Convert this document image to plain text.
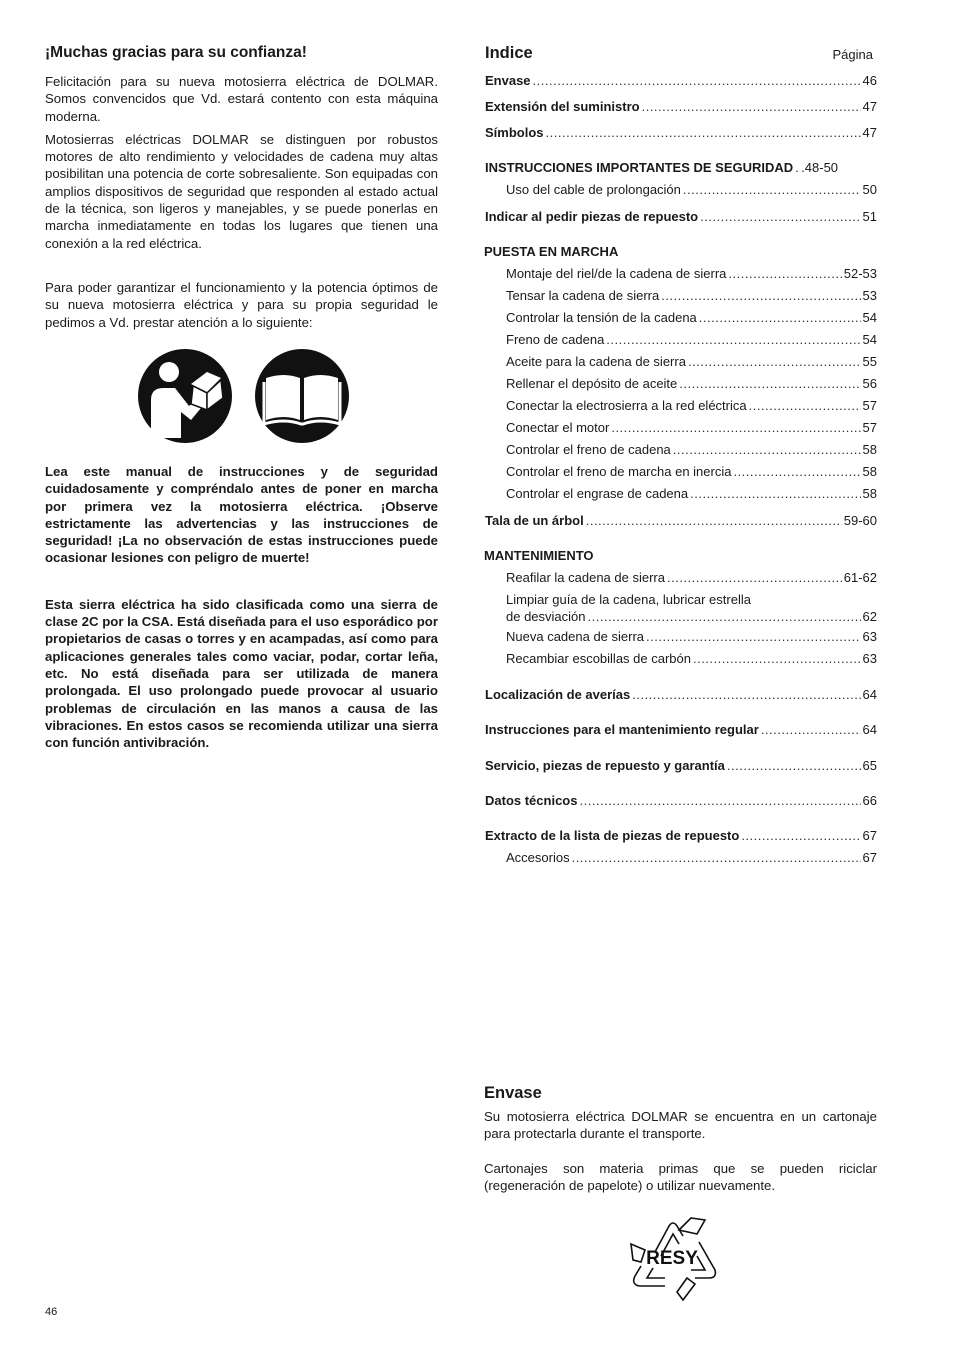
¡Muchas gracias para su confianza!

Felicitación para su nueva motosierra eléctrica de DOLMAR. Somos convencidos que Vd. estará contento con esta máquina moderna.

Motosierras eléctricas DOLMAR se distinguen por robustos motores de alto rendimiento y velocidades de cadena muy altas posibilitan una potencia de corte sobresaliente. Son equipadas con amplios dispositivos de seguridad que responden al estado actual de la técnica, son ligeros y manejables, y se puede ponerlas en marcha inmediatamente en todas los lugares que tienen una conexión a la red eléctrica.

Para poder garantizar el funcionamiento y la potencia óptimos de su nueva motosierra eléctrica y para su propia seguridad le pedimos a Vd. prestar atención a lo siguiente:

Lea este manual de instrucciones y de seguridad cuidadosamente y compréndalo antes de poner en marcha por primera vez la motosierra eléctrica. ¡Observe estrictamente las advertencias y las instrucciones de seguridad! ¡La no observación de estas instrucciones puede ocasionar lesiones con peligro de muerte!

Esta sierra eléctrica ha sido clasificada como una sierra de clase 2C por la CSA. Está diseñada para el uso esporádico por propietarios de casas o torres y en acampadas, así como para aplicaciones generales tales como vaciar, podar, cortar leña, etc. No está diseñada para ser utilizada de manera prolongada. El uso prolongado puede provocar al usuario problemas de circulación en las manos a causa de las vibraciones. En estos casos se recomienda utilizar una sierra con función antivibración.

Indice	Página
Envase .....	46
Extensión del suministro .....	47
Símbolos .....	47
INSTRUCCIONES IMPORTANTES DE SEGURIDAD ..... .48-50
Uso del cable de prolongación .....	50
Indicar al pedir piezas de repuesto .....	51
PUESTA EN MARCHA
Montaje del riel/de la cadena de sierra .....	52-53
Tensar la cadena de sierra .....	53
Controlar la tensión de la cadena .....	54
Freno de cadena .....	54
Aceite para la cadena de sierra .....	55
Rellenar el depósito de aceite .....	56
Conectar la electrosierra a la red eléctrica .....	57
Conectar el motor .....	57
Controlar el freno de cadena .....	58
Controlar el freno de marcha en inercia .....	58
Controlar el engrase de cadena .....	58
Tala de un árbol .....	59-60
MANTENIMIENTO
Reafilar la cadena de sierra .....	61-62
Limpiar guía de la cadena, lubricar estrella
de desviación .....	62
Nueva cadena de sierra .....	63
Recambiar escobillas de carbón .....	63
Localización de averías .....	64
Instrucciones para el mantenimiento regular .....	64
Servicio, piezas de repuesto y garantía .....	65
Datos técnicos .....	66
Extracto de la lista de piezas de repuesto .....	67
Accesorios .....	67
Envase

Su motosierra eléctrica DOLMAR se encuentra en un cartonaje para protectarla durante el transporte.

Cartonajes son materia primas que se pueden riciclar (regeneración de papelote) o utilizar nuevamente.

RESY
46
